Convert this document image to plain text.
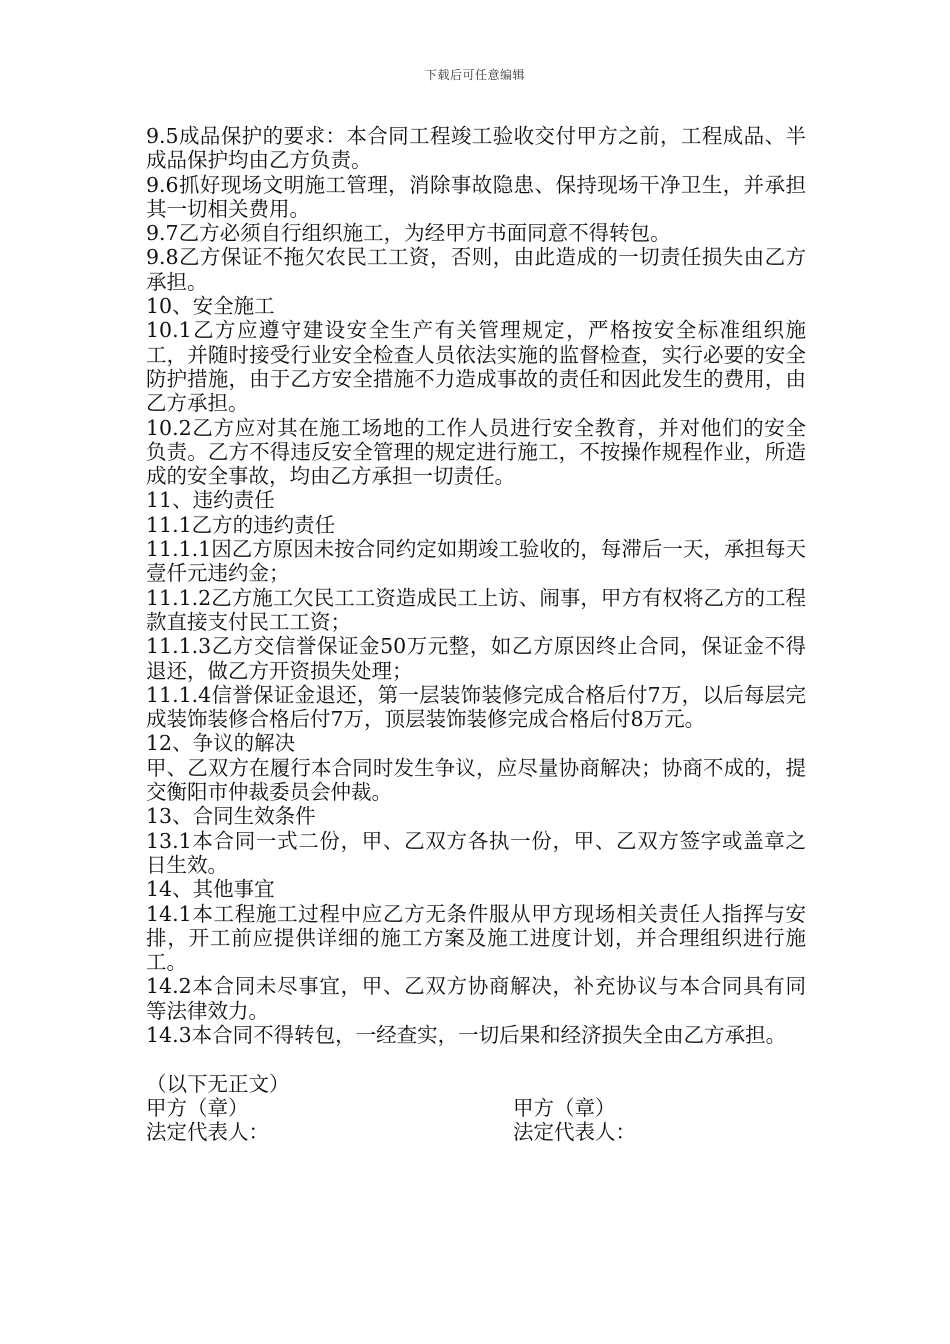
下载后可任意编辑

9.5成品保护的要求：本合同工程竣工验收交付甲方之前，工程成品、半成品保护均由乙方负责。

9.6抓好现场文明施工管理，消除事故隐患、保持现场干净卫生，并承担其一切相关费用。

9.7乙方必须自行组织施工，为经甲方书面同意不得转包。

9.8乙方保证不拖欠农民工工资，否则，由此造成的一切责任损失由乙方承担。

10、安全施工

10.1乙方应遵守建设安全生产有关管理规定，严格按安全标准组织施工，并随时接受行业安全检查人员依法实施的监督检查，实行必要的安全防护措施，由于乙方安全措施不力造成事故的责任和因此发生的费用，由乙方承担。

10.2乙方应对其在施工场地的工作人员进行安全教育，并对他们的安全负责。乙方不得违反安全管理的规定进行施工，不按操作规程作业，所造成的安全事故，均由乙方承担一切责任。

11、违约责任

11.1乙方的违约责任

11.1.1因乙方原因未按合同约定如期竣工验收的，每滞后一天，承担每天壹仟元违约金；

11.1.2乙方施工欠民工工资造成民工上访、闹事，甲方有权将乙方的工程款直接支付民工工资；

11.1.3乙方交信誉保证金50万元整，如乙方原因终止合同，保证金不得退还，做乙方开资损失处理；

11.1.4信誉保证金退还，第一层装饰装修完成合格后付7万，以后每层完成装饰装修合格后付7万，顶层装饰装修完成合格后付8万元。

12、争议的解决

甲、乙双方在履行本合同时发生争议，应尽量协商解决；协商不成的，提交衡阳市仲裁委员会仲裁。

13、合同生效条件

13.1本合同一式二份，甲、乙双方各执一份，甲、乙双方签字或盖章之日生效。

14、其他事宜

14.1本工程施工过程中应乙方无条件服从甲方现场相关责任人指挥与安排，开工前应提供详细的施工方案及施工进度计划，并合理组织进行施工。

14.2本合同未尽事宜，甲、乙双方协商解决，补充协议与本合同具有同等法律效力。

14.3本合同不得转包，一经查实，一切后果和经济损失全由乙方承担。

（以下无正文）

甲方（章）	甲方（章）
法定代表人：	法定代表人：
